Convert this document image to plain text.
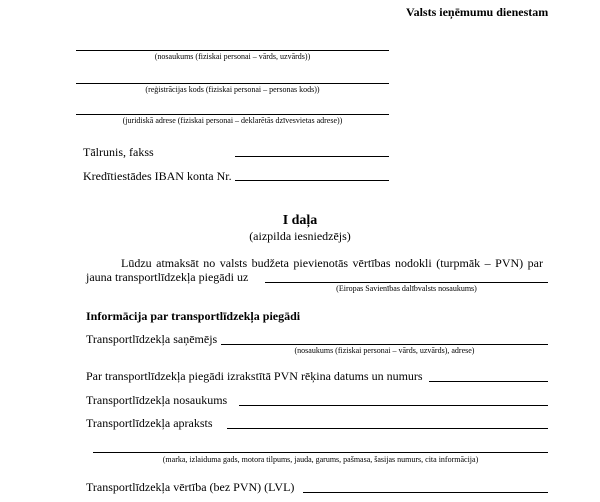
Valsts ieņēmumu dienestam
(nosaukums (fiziskai personai – vārds, uzvārds))
(reģistrācijas kods (fiziskai personai – personas kods))
(juridiskā adrese (fiziskai personai – deklarētās dzīvesvietas adrese))
Tālrunis, fakss
Kredītiestādes IBAN konta Nr.
I daļa
(aizpilda iesniedzējs)
Lūdzu atmaksāt no valsts budžeta pievienotās vērtības nodokli (turpmāk – PVN) par
jauna transportlīdzekļa piegādi uz
(Eiropas Savienības dalībvalsts nosaukums)
Informācija par transportlīdzekļa piegādi
Transportlīdzekļa saņēmējs
(nosaukums (fiziskai personai – vārds, uzvārds), adrese)
Par transportlīdzekļa piegādi izrakstītā PVN rēķina datums un numurs
Transportlīdzekļa nosaukums
Transportlīdzekļa apraksts
(marka, izlaiduma gads, motora tilpums, jauda, garums, pašmasa, šasijas numurs, cita informācija)
Transportlīdzekļa vērtība (bez PVN) (LVL)
